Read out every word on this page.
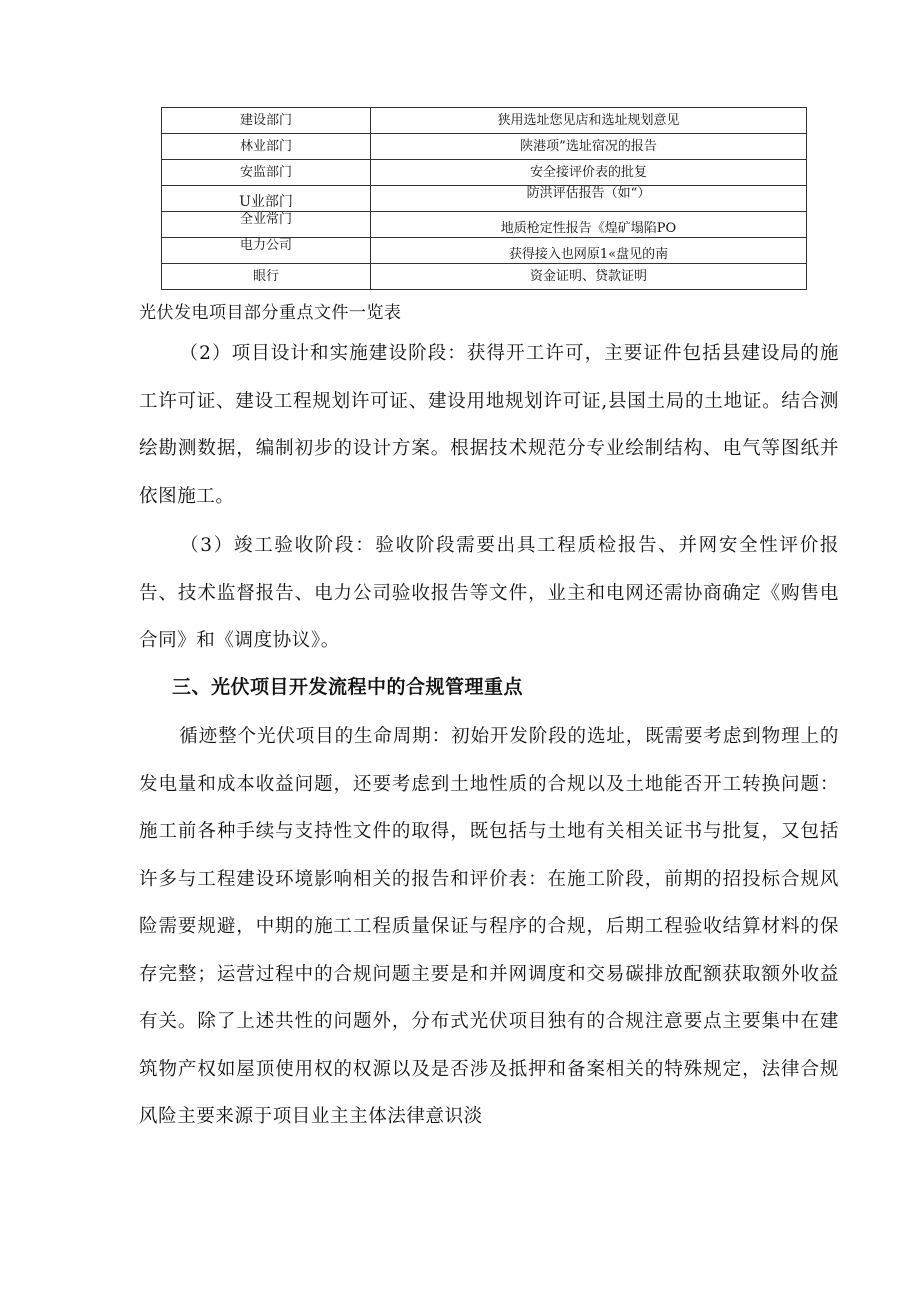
建设部门	狭用选址您见店和选址规划意见
林业部门	陕港项”选址宿况的报告
安监部门	安全接评价表的批复
U业部门	防洪评估报告（如“）
全业常门	地质枪定性报告《煌矿塌陷PO
电力公司	获得接入也网原1«盘见的南
眼行	资金证明、贷款证明
光伏发电项目部分重点文件一览表

（2）项目设计和实施建设阶段：获得开工许可，主要证件包括县建设局的施工许可证、建设工程规划许可证、建设用地规划许可证,县国土局的土地证。结合测绘勘测数据，编制初步的设计方案。根据技术规范分专业绘制结构、电气等图纸并依图施工。

（3）竣工验收阶段：验收阶段需要出具工程质检报告、并网安全性评价报告、技术监督报告、电力公司验收报告等文件，业主和电网还需协商确定《购售电合同》和《调度协议》。

三、光伏项目开发流程中的合规管理重点

循迹整个光伏项目的生命周期：初始开发阶段的选址，既需要考虑到物理上的发电量和成本收益问题，还要考虑到土地性质的合规以及土地能否开工转换问题：施工前各种手续与支持性文件的取得，既包括与土地有关相关证书与批复，又包括许多与工程建设环境影响相关的报告和评价表：在施工阶段，前期的招投标合规风险需要规避，中期的施工工程质量保证与程序的合规，后期工程验收结算材料的保存完整；运营过程中的合规问题主要是和并网调度和交易碳排放配额获取额外收益有关。除了上述共性的问题外，分布式光伏项目独有的合规注意要点主要集中在建筑物产权如屋顶使用权的权源以及是否涉及抵押和备案相关的特殊规定，法律合规风险主要来源于项目业主主体法律意识淡
